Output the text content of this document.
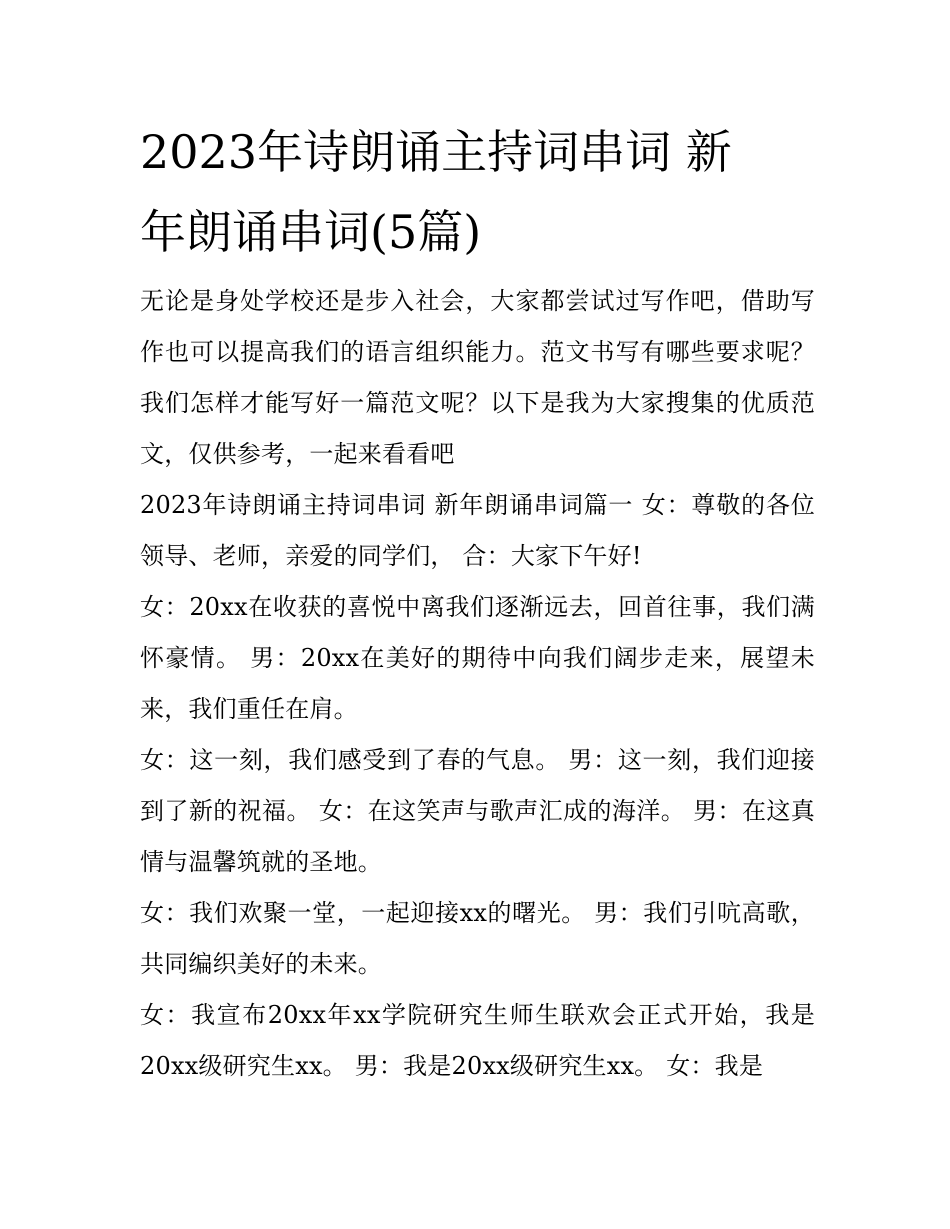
2023年诗朗诵主持词串词 新
年朗诵串词(5篇)

无论是身处学校还是步入社会，大家都尝试过写作吧，借助写作也可以提高我们的语言组织能力。范文书写有哪些要求呢？我们怎样才能写好一篇范文呢？以下是我为大家搜集的优质范文，仅供参考，一起来看看吧

2023年诗朗诵主持词串词 新年朗诵串词篇一 女：尊敬的各位领导、老师，亲爱的同学们， 合：大家下午好!

女：20xx在收获的喜悦中离我们逐渐远去，回首往事，我们满怀豪情。 男：20xx在美好的期待中向我们阔步走来，展望未来，我们重任在肩。

女：这一刻，我们感受到了春的气息。 男：这一刻，我们迎接到了新的祝福。 女：在这笑声与歌声汇成的海洋。 男：在这真情与温馨筑就的圣地。

女：我们欢聚一堂，一起迎接xx的曙光。 男：我们引吭高歌，共同编织美好的未来。

女：我宣布20xx年xx学院研究生师生联欢会正式开始，我是20xx级研究生xx。 男：我是20xx级研究生xx。 女：我是
